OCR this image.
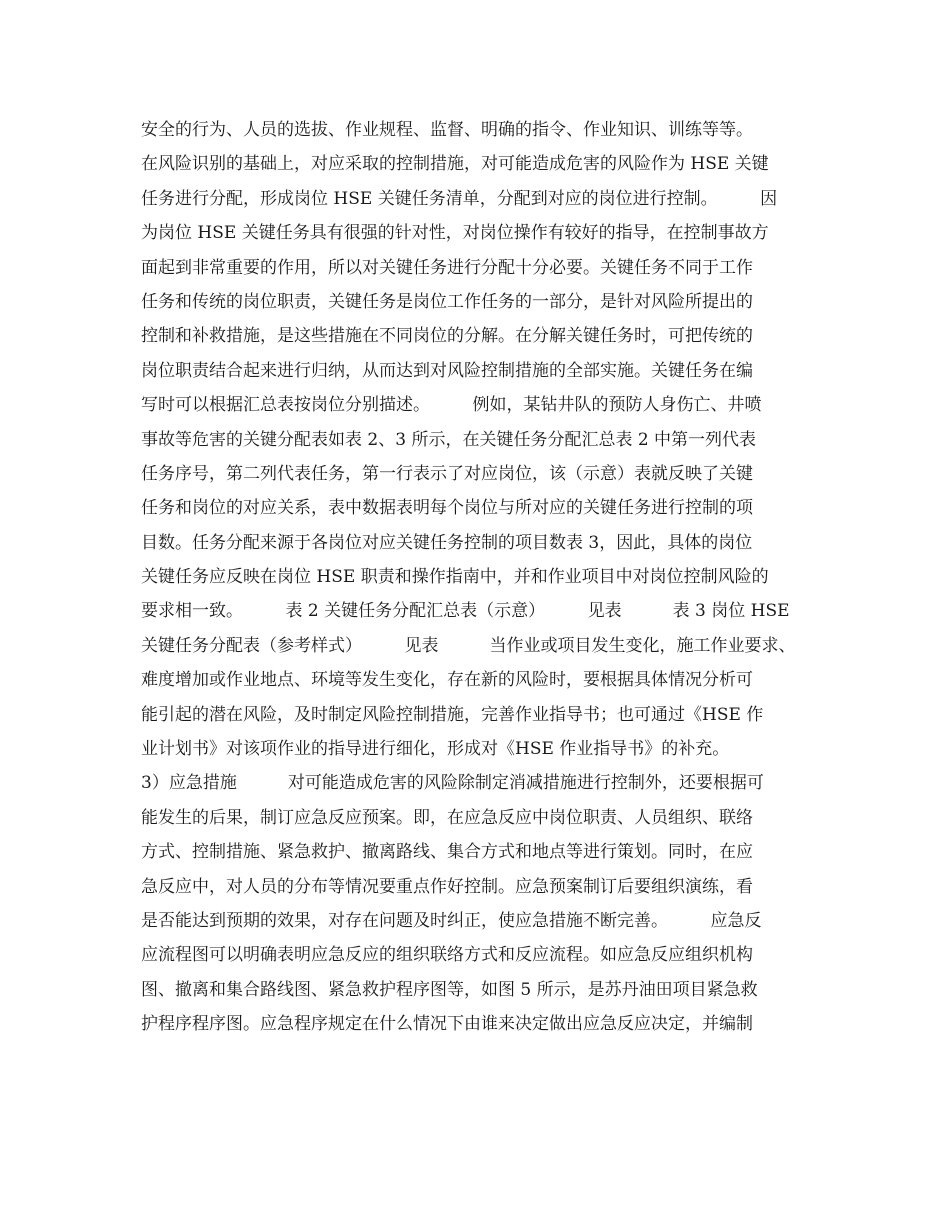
安全的行为、人员的选拔、作业规程、监督、明确的指令、作业知识、训练等等。
在风险识别的基础上，对应采取的控制措施，对可能造成危害的风险作为 HSE 关键
任务进行分配，形成岗位 HSE 关键任务清单，分配到对应的岗位进行控制。　　　因
为岗位 HSE 关键任务具有很强的针对性，对岗位操作有较好的指导，在控制事故方
面起到非常重要的作用，所以对关键任务进行分配十分必要。关键任务不同于工作
任务和传统的岗位职责，关键任务是岗位工作任务的一部分，是针对风险所提出的
控制和补救措施，是这些措施在不同岗位的分解。在分解关键任务时，可把传统的
岗位职责结合起来进行归纳，从而达到对风险控制措施的全部实施。关键任务在编
写时可以根据汇总表按岗位分别描述。　　　例如，某钻井队的预防人身伤亡、井喷
事故等危害的关键分配表如表 2、3 所示，在关键任务分配汇总表 2 中第一列代表
任务序号，第二列代表任务，第一行表示了对应岗位，该（示意）表就反映了关键
任务和岗位的对应关系，表中数据表明每个岗位与所对应的关键任务进行控制的项
目数。任务分配来源于各岗位对应关键任务控制的项目数表 3，因此，具体的岗位
关键任务应反映在岗位 HSE 职责和操作指南中，并和作业项目中对岗位控制风险的
要求相一致。　　　表 2 关键任务分配汇总表（示意）　　　见表　　　表 3 岗位 HSE
关键任务分配表（参考样式）　　　见表　　　当作业或项目发生变化，施工作业要求、
难度增加或作业地点、环境等发生变化，存在新的风险时，要根据具体情况分析可
能引起的潜在风险，及时制定风险控制措施，完善作业指导书；也可通过《HSE 作
业计划书》对该项作业的指导进行细化，形成对《HSE 作业指导书》的补充。
3）应急措施　　　对可能造成危害的风险除制定消减措施进行控制外，还要根据可
能发生的后果，制订应急反应预案。即，在应急反应中岗位职责、人员组织、联络
方式、控制措施、紧急救护、撤离路线、集合方式和地点等进行策划。同时，在应
急反应中，对人员的分布等情况要重点作好控制。应急预案制订后要组织演练，看
是否能达到预期的效果，对存在问题及时纠正，使应急措施不断完善。　　　应急反
应流程图可以明确表明应急反应的组织联络方式和反应流程。如应急反应组织机构
图、撤离和集合路线图、紧急救护程序图等，如图 5 所示，是苏丹油田项目紧急救
护程序程序图。应急程序规定在什么情况下由谁来决定做出应急反应决定，并编制
